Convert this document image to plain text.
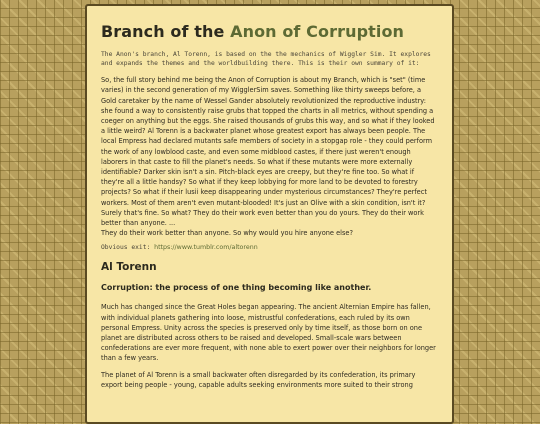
Branch of the Anon of Corruption

The Anon's branch, Al Torenn, is based on the the mechanics of Wiggler Sim. It explores and expands the themes and the worldbuilding there. This is their own summary of it:

So, the full story behind me being the Anon of Corruption is about my Branch, which is "set" (time varies) in the second generation of my WigglerSim saves. Something like thirty sweeps before, a Gold caretaker by the name of Wessel Gander absolutely revolutionized the reproductive industry: she found a way to consistently raise grubs that topped the charts in all metrics, without spending a coeger on anything but the eggs. She raised thousands of grubs this way, and so what if they looked a little weird? Al Torenn is a backwater planet whose greatest export has always been people. The local Empress had declared mutants safe members of society in a stopgap role - they could perform the work of any lowblood caste, and even some midblood castes, if there just weren't enough laborers in that caste to fill the planet's needs. So what if these mutants were more externally identifiable? Darker skin isn't a sin. Pitch-black eyes are creepy, but they're fine too. So what if they're all a little handsy? So what if they keep lobbying for more land to be devoted to forestry projects? So what if their lusii keep disappearing under mysterious circumstances? They're perfect workers. Most of them aren't even mutant-blooded! It's just an Olive with a skin condition, isn't it? Surely that's fine. So what? They do their work even better than you do yours. They do their work better than anyone. ...
They do their work better than anyone. So why would you hire anyone else?

Obvious exit: https://www.tumblr.com/altorenn

Al Torenn
Corruption: the process of one thing becoming like another.

Much has changed since the Great Holes began appearing. The ancient Alternian Empire has fallen, with individual planets gathering into loose, mistrustful confederations, each ruled by its own personal Empress. Unity across the species is preserved only by time itself, as those born on one planet are distributed across others to be raised and developed. Small-scale wars between confederations are ever more frequent, with none able to exert power over their neighbors for longer than a few years.

The planet of Al Torenn is a small backwater often disregarded by its confederation, its primary export being people - young, capable adults seeking environments more suited to their strong
